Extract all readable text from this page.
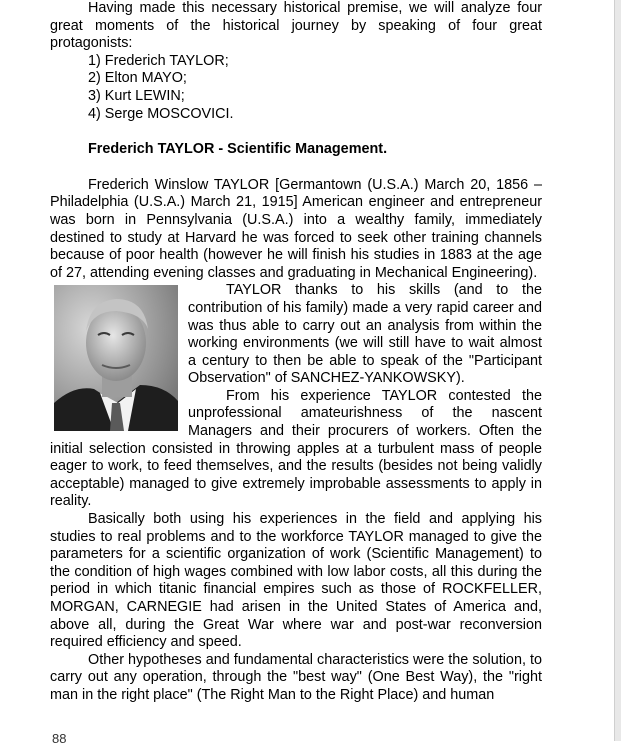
Having made this necessary historical premise, we will analyze four great moments of the historical journey by speaking of four great protagonists:

1) Frederich TAYLOR;
2) Elton MAYO;
3) Kurt LEWIN;
4) Serge MOSCOVICI.

Frederich TAYLOR - Scientific Management.

Frederich Winslow TAYLOR [Germantown (U.S.A.) March 20, 1856 – Philadelphia (U.S.A.) March 21, 1915] American engineer and entrepreneur was born in Pennsylvania (U.S.A.) into a wealthy family, immediately destined to study at Harvard he was forced to seek other training channels because of poor health (however he will finish his studies in 1883 at the age of 27, attending evening classes and graduating in Mechanical Engineering).

TAYLOR thanks to his skills (and to the contribution of his family) made a very rapid career and was thus able to carry out an analysis from within the working environments (we will still have to wait almost a century to then be able to speak of the "Participant Observation" of SANCHEZ-YANKOWSKY).

From his experience TAYLOR contested the unprofessional amateurishness of the nascent Managers and their procurers of workers. Often the initial selection consisted in throwing apples at a turbulent mass of people eager to work, to feed themselves, and the results (besides not being validly acceptable) managed to give extremely improbable assessments to apply in reality.

Basically both using his experiences in the field and applying his studies to real problems and to the workforce TAYLOR managed to give the parameters for a scientific organization of work (Scientific Management) to the condition of high wages combined with low labor costs, all this during the period in which titanic financial empires such as those of ROCKFELLER, MORGAN, CARNEGIE had arisen in the United States of America and, above all, during the Great War where war and post-war reconversion required efficiency and speed.

Other hypotheses and fundamental characteristics were the solution, to carry out any operation, through the "best way" (One Best Way), the "right man in the right place" (The Right Man to the Right Place) and human

88
